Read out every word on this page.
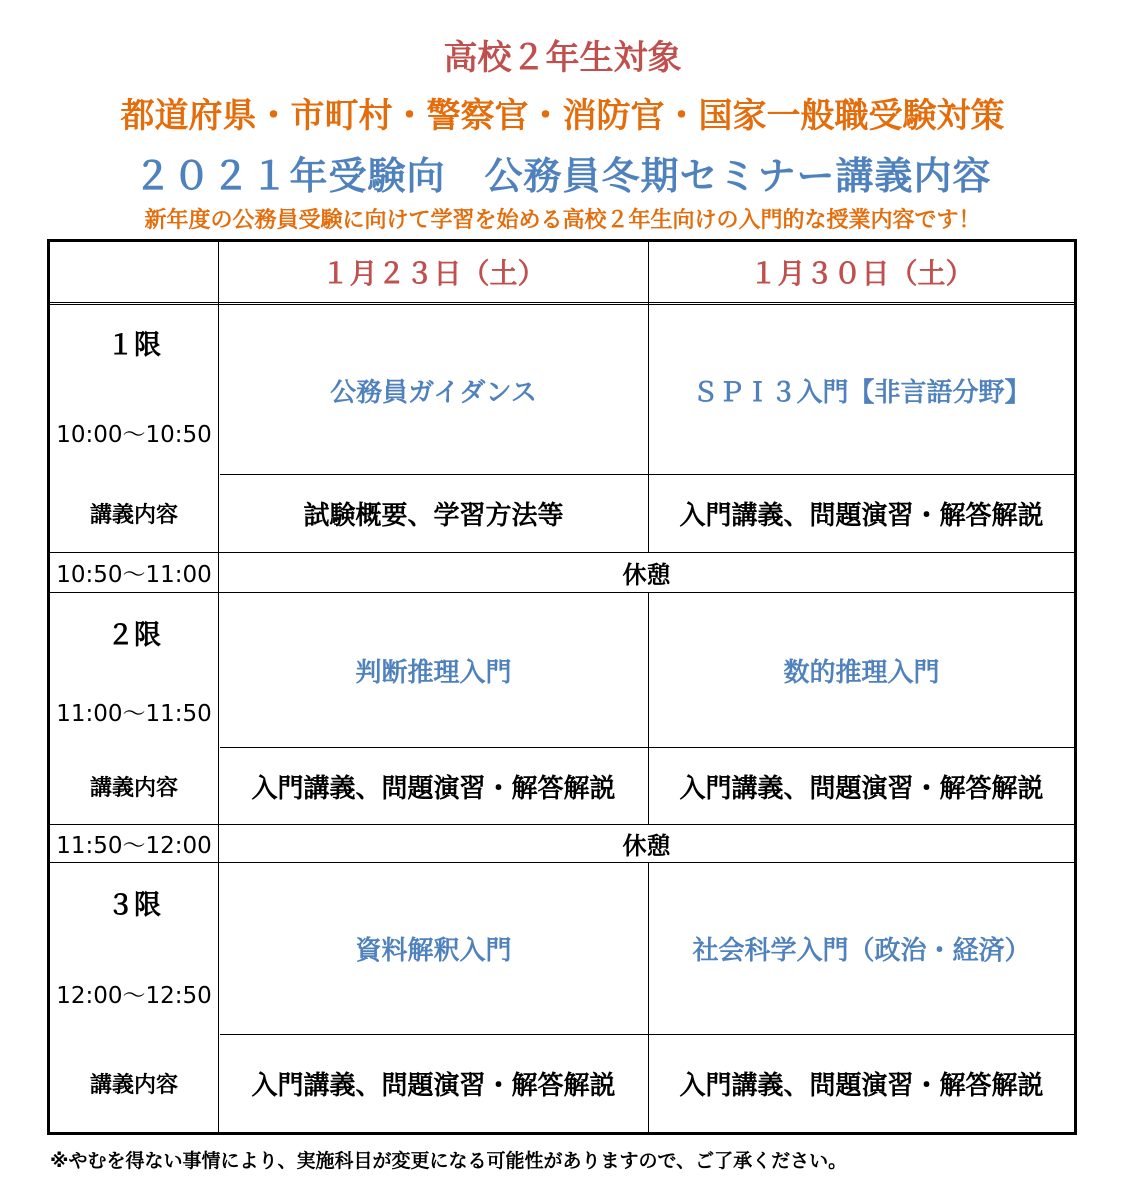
高校２年生対象
都道府県・市町村・警察官・消防官・国家一般職受験対策
２０２１年受験向　公務員冬期セミナー講義内容
新年度の公務員受験に向けて学習を始める高校２年生向けの入門的な授業内容です！
１月２３日（土）	１月３０日（土）
１限
10:00～10:50
公務員ガイダンス	ＳＰＩ３入門【非言語分野】
講義内容	試験概要、学習方法等	入門講義、問題演習・解答解説
10:50～11:00	休憩
２限
11:00～11:50
判断推理入門	数的推理入門
講義内容	入門講義、問題演習・解答解説	入門講義、問題演習・解答解説
11:50～12:00	休憩
３限
12:00～12:50
資料解釈入門	社会科学入門（政治・経済）
講義内容	入門講義、問題演習・解答解説	入門講義、問題演習・解答解説
※やむを得ない事情により、実施科目が変更になる可能性がありますので、ご了承ください。
